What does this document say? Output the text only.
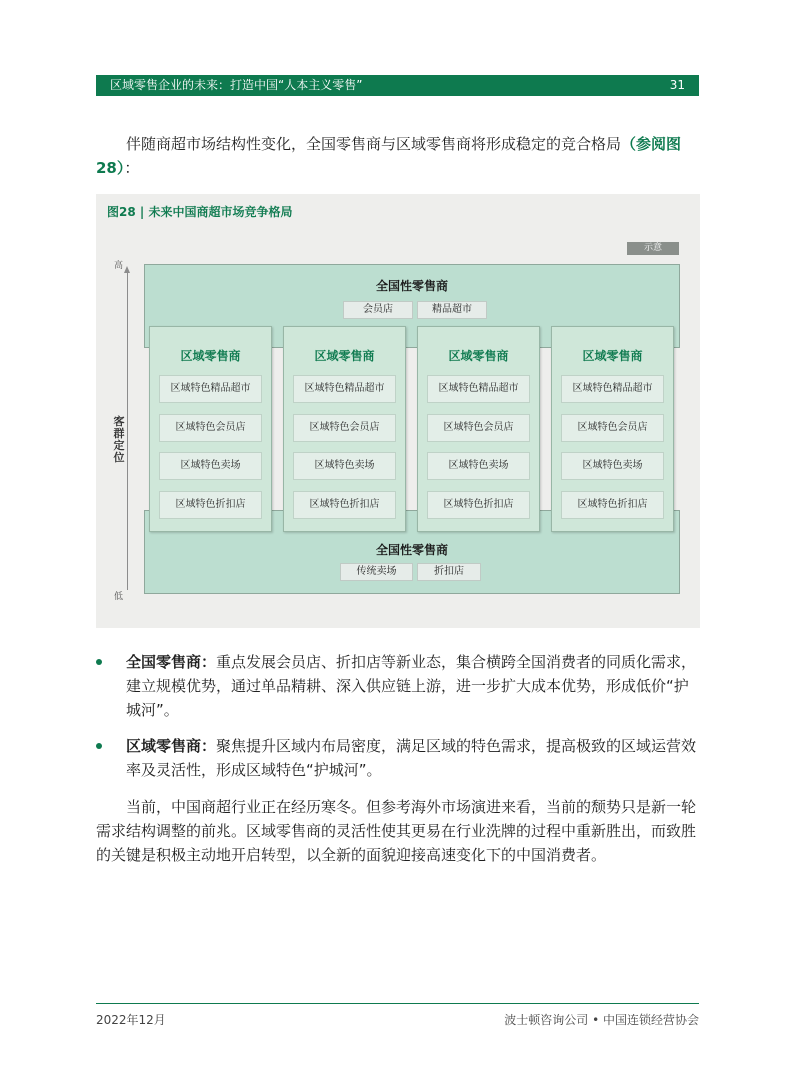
区域零售企业的未来：打造中国“人本主义零售”	31

伴随商超市场结构性变化，全国零售商与区域零售商将形成稳定的竞合格局（参阅图28）：

图28 | 未来中国商超市场竞争格局
示意
高
低
客群定位
全国性零售商
会员店	精品超市
全国性零售商
传统卖场	折扣店
区域零售商
区域特色精品超市
区域特色会员店
区域特色卖场
区域特色折扣店
区域零售商
区域特色精品超市
区域特色会员店
区域特色卖场
区域特色折扣店
区域零售商
区域特色精品超市
区域特色会员店
区域特色卖场
区域特色折扣店
区域零售商
区域特色精品超市
区域特色会员店
区域特色卖场
区域特色折扣店

全国零售商：重点发展会员店、折扣店等新业态，集合横跨全国消费者的同质化需求，建立规模优势，通过单品精耕、深入供应链上游，进一步扩大成本优势，形成低价“护城河”。

区域零售商：聚焦提升区域内布局密度，满足区域的特色需求，提高极致的区域运营效率及灵活性，形成区域特色“护城河”。

当前，中国商超行业正在经历寒冬。但参考海外市场演进来看，当前的颓势只是新一轮需求结构调整的前兆。区域零售商的灵活性使其更易在行业洗牌的过程中重新胜出，而致胜的关键是积极主动地开启转型，以全新的面貌迎接高速变化下的中国消费者。

2022年12月	波士顿咨询公司 • 中国连锁经营协会
